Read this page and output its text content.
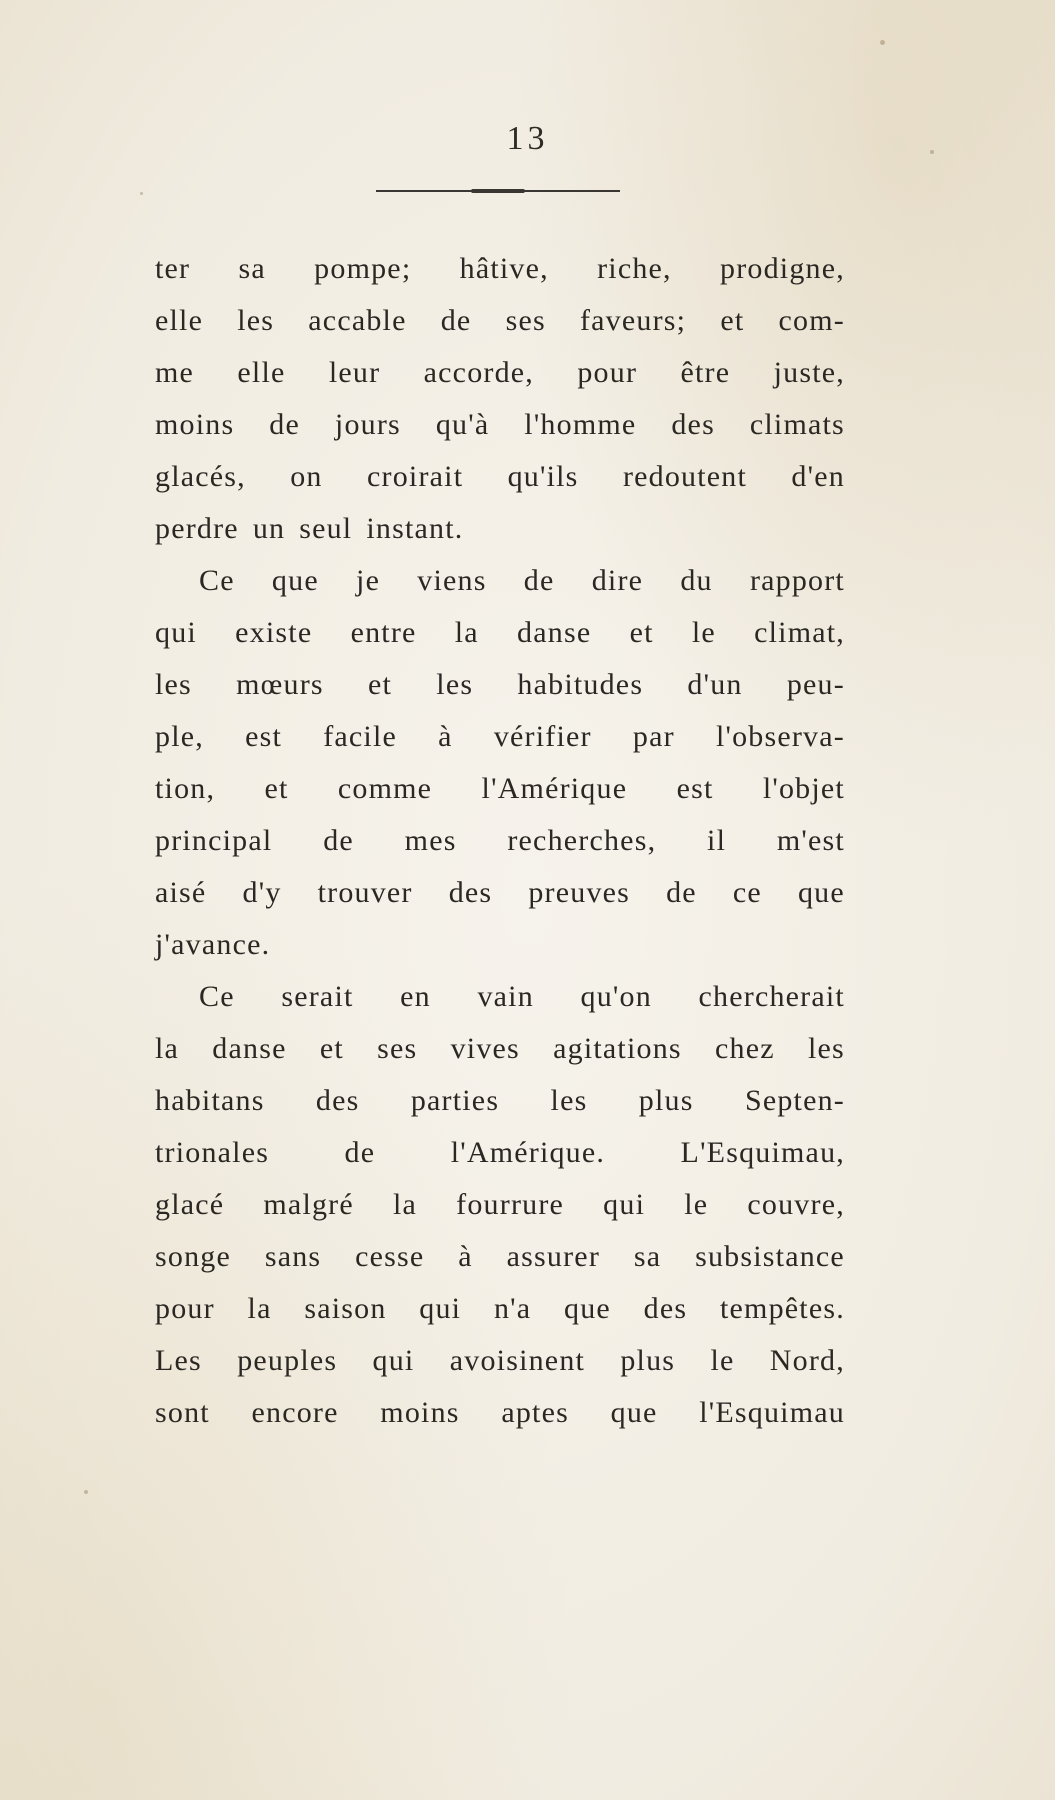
13
ter sa pompe; hâtive, riche, prodigne,
elle les accable de ses faveurs; et com-
me elle leur accorde, pour être juste,
moins de jours qu'à l'homme des climats
glacés, on croirait qu'ils redoutent d'en
perdre un seul instant.
Ce que je viens de dire du rapport
qui existe entre la danse et le climat,
les mœurs et les habitudes d'un peu-
ple, est facile à vérifier par l'observa-
tion, et comme l'Amérique est l'objet
principal de mes recherches, il m'est
aisé d'y trouver des preuves de ce que
j'avance.
Ce serait en vain qu'on chercherait
la danse et ses vives agitations chez les
habitans des parties les plus Septen-
trionales	de	l'Amérique.	L'Esquimau,
glacé malgré la fourrure qui le couvre,
songe sans cesse à assurer sa subsistance
pour la saison qui n'a que des tempêtes.
Les peuples qui avoisinent plus le Nord,
sont encore moins aptes que l'Esquimau
